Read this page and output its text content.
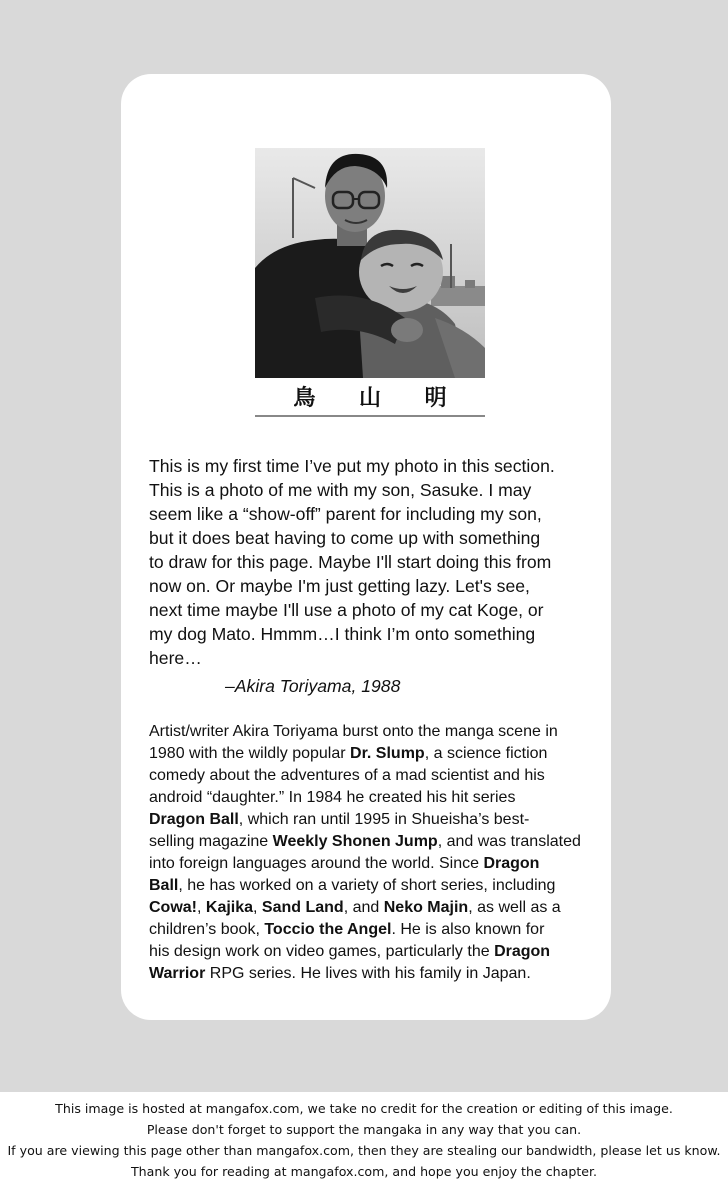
鳥 山 明

This is my first time I’ve put my photo in this section.

This is a photo of me with my son, Sasuke. I may

seem like a “show-off” parent for including my son,

but it does beat having to come up with something

to draw for this page. Maybe I'll start doing this from

now on. Or maybe I'm just getting lazy. Let's see,

next time maybe I'll use a photo of my cat Koge, or

my dog Mato. Hmmm…I think I’m onto something

here…

–Akira Toriyama, 1988

Artist/writer Akira Toriyama burst onto the manga scene in

1980 with the wildly popular Dr. Slump, a science fiction

comedy about the adventures of a mad scientist and his

android “daughter.” In 1984 he created his hit series

Dragon Ball, which ran until 1995 in Shueisha’s best-

selling magazine Weekly Shonen Jump, and was translated

into foreign languages around the world. Since Dragon

Ball, he has worked on a variety of short series, including

Cowa!, Kajika, Sand Land, and Neko Majin, as well as a

children’s book, Toccio the Angel. He is also known for

his design work on video games, particularly the Dragon

Warrior RPG series. He lives with his family in Japan.

This image is hosted at mangafox.com, we take no credit for the creation or editing of this image.

Please don't forget to support the mangaka in any way that you can.

If you are viewing this page other than mangafox.com, then they are stealing our bandwidth, please let us know.

Thank you for reading at mangafox.com, and hope you enjoy the chapter.
